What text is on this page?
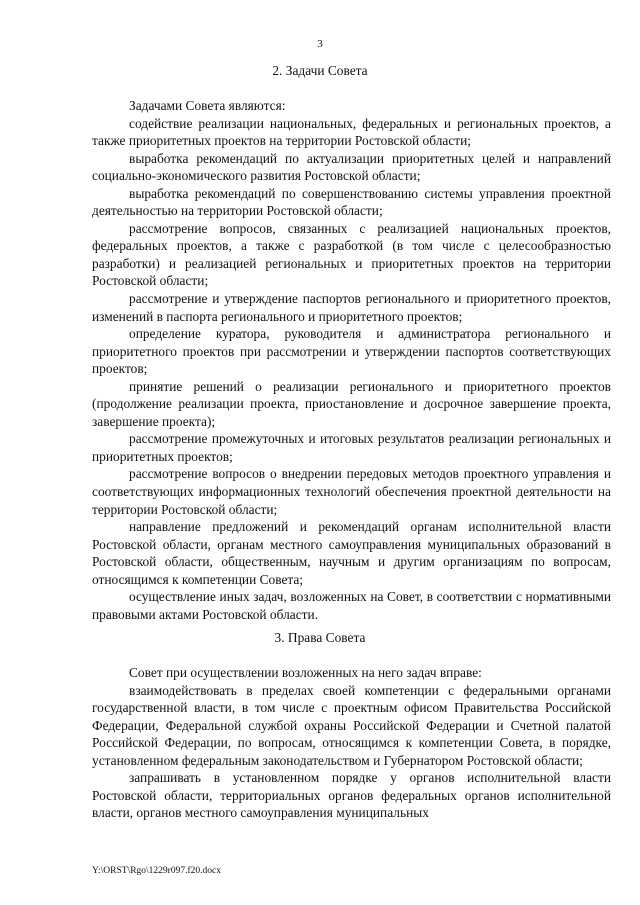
3
2. Задачи Совета

Задачами Совета являются:

содействие реализации национальных, федеральных и региональных проектов, а также приоритетных проектов на территории Ростовской области;

выработка рекомендаций по актуализации приоритетных целей и направлений социально-экономического развития Ростовской области;

выработка рекомендаций по совершенствованию системы управления проектной деятельностью на территории Ростовской области;

рассмотрение вопросов, связанных с реализацией национальных проектов, федеральных проектов, а также с разработкой (в том числе с целесообразностью разработки) и реализацией региональных и приоритетных проектов на территории Ростовской области;

рассмотрение и утверждение паспортов регионального и приоритетного проектов, изменений в паспорта регионального и приоритетного проектов;

определение куратора, руководителя и администратора регионального и приоритетного проектов при рассмотрении и утверждении паспортов соответствующих проектов;

принятие решений о реализации регионального и приоритетного проектов (продолжение реализации проекта, приостановление и досрочное завершение проекта, завершение проекта);

рассмотрение промежуточных и итоговых результатов реализации региональных и приоритетных проектов;

рассмотрение вопросов о внедрении передовых методов проектного управления и соответствующих информационных технологий обеспечения проектной деятельности на территории Ростовской области;

направление предложений и рекомендаций органам исполнительной власти Ростовской области, органам местного самоуправления муниципальных образований в Ростовской области, общественным, научным и другим организациям по вопросам, относящимся к компетенции Совета;

осуществление иных задач, возложенных на Совет, в соответствии с нормативными правовыми актами Ростовской области.

3. Права Совета

Совет при осуществлении возложенных на него задач вправе:

взаимодействовать в пределах своей компетенции с федеральными органами государственной власти, в том числе с проектным офисом Правительства Российской Федерации, Федеральной службой охраны Российской Федерации и Счетной палатой Российской Федерации, по вопросам, относящимся к компетенции Совета, в порядке, установленном федеральным законодательством и Губернатором Ростовской области;

запрашивать в установленном порядке у органов исполнительной власти Ростовской области, территориальных органов федеральных органов исполнительной власти, органов местного самоуправления муниципальных

Y:\ORST\Rgo\1229r097.f20.docx
